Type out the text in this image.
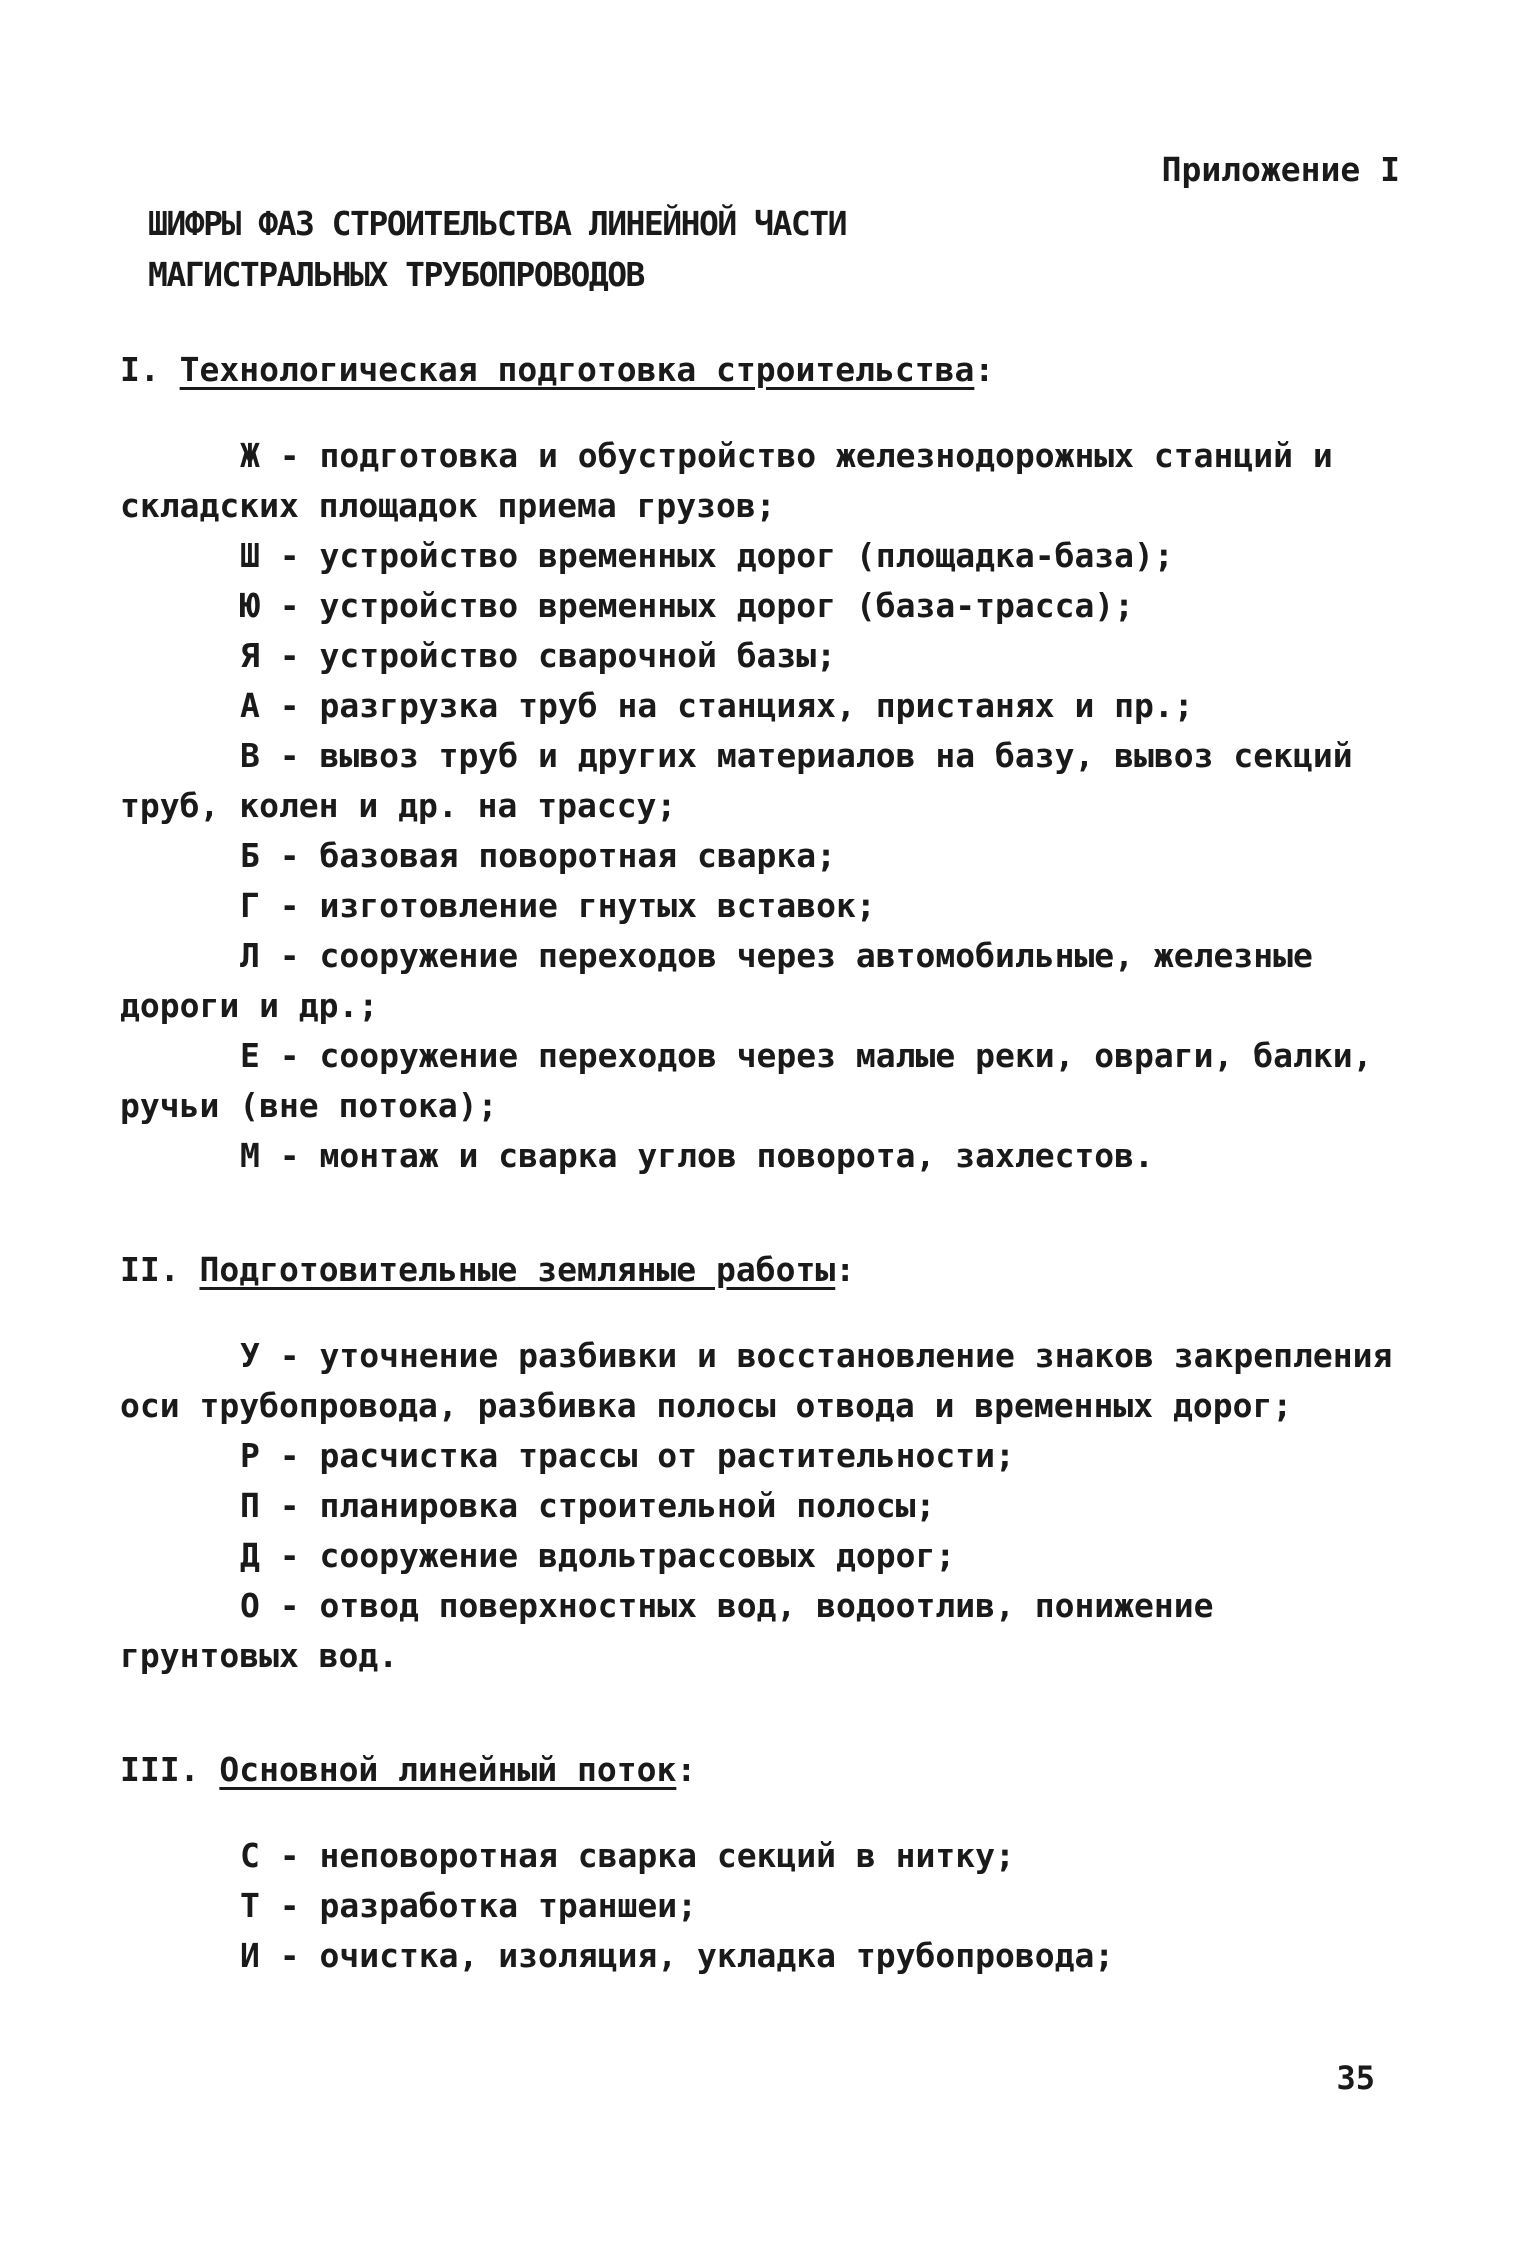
Приложение I
ШИФРЫ ФАЗ СТРОИТЕЛЬСТВА ЛИНЕЙНОЙ ЧАСТИ
МАГИСТРАЛЬНЫХ ТРУБОПРОВОДОВ

I. Технологическая подготовка строительства:

Ж - подготовка и обустройство железнодорожных станций и складских площадок приема грузов;

Ш - устройство временных дорог (площадка-база);

Ю - устройство временных дорог (база-трасса);

Я - устройство сварочной базы;

А - разгрузка труб на станциях, пристанях и пр.;

В - вывоз труб и других материалов на базу, вывоз секций труб, колен и др. на трассу;

Б - базовая поворотная сварка;

Г - изготовление гнутых вставок;

Л - сооружение переходов через автомобильные, железные дороги и др.;

Е - сооружение переходов через малые реки, овраги, балки, ручьи (вне потока);

М - монтаж и сварка углов поворота, захлестов.

II. Подготовительные земляные работы:

У - уточнение разбивки и восстановление знаков закрепления оси трубопровода, разбивка полосы отвода и временных дорог;

Р - расчистка трассы от растительности;

П - планировка строительной полосы;

Д - сооружение вдольтрассовых дорог;

О - отвод поверхностных вод, водоотлив, понижение грунтовых вод.

III. Основной линейный поток:

С - неповоротная сварка секций в нитку;

Т - разработка траншеи;

И - очистка, изоляция, укладка трубопровода;

35
